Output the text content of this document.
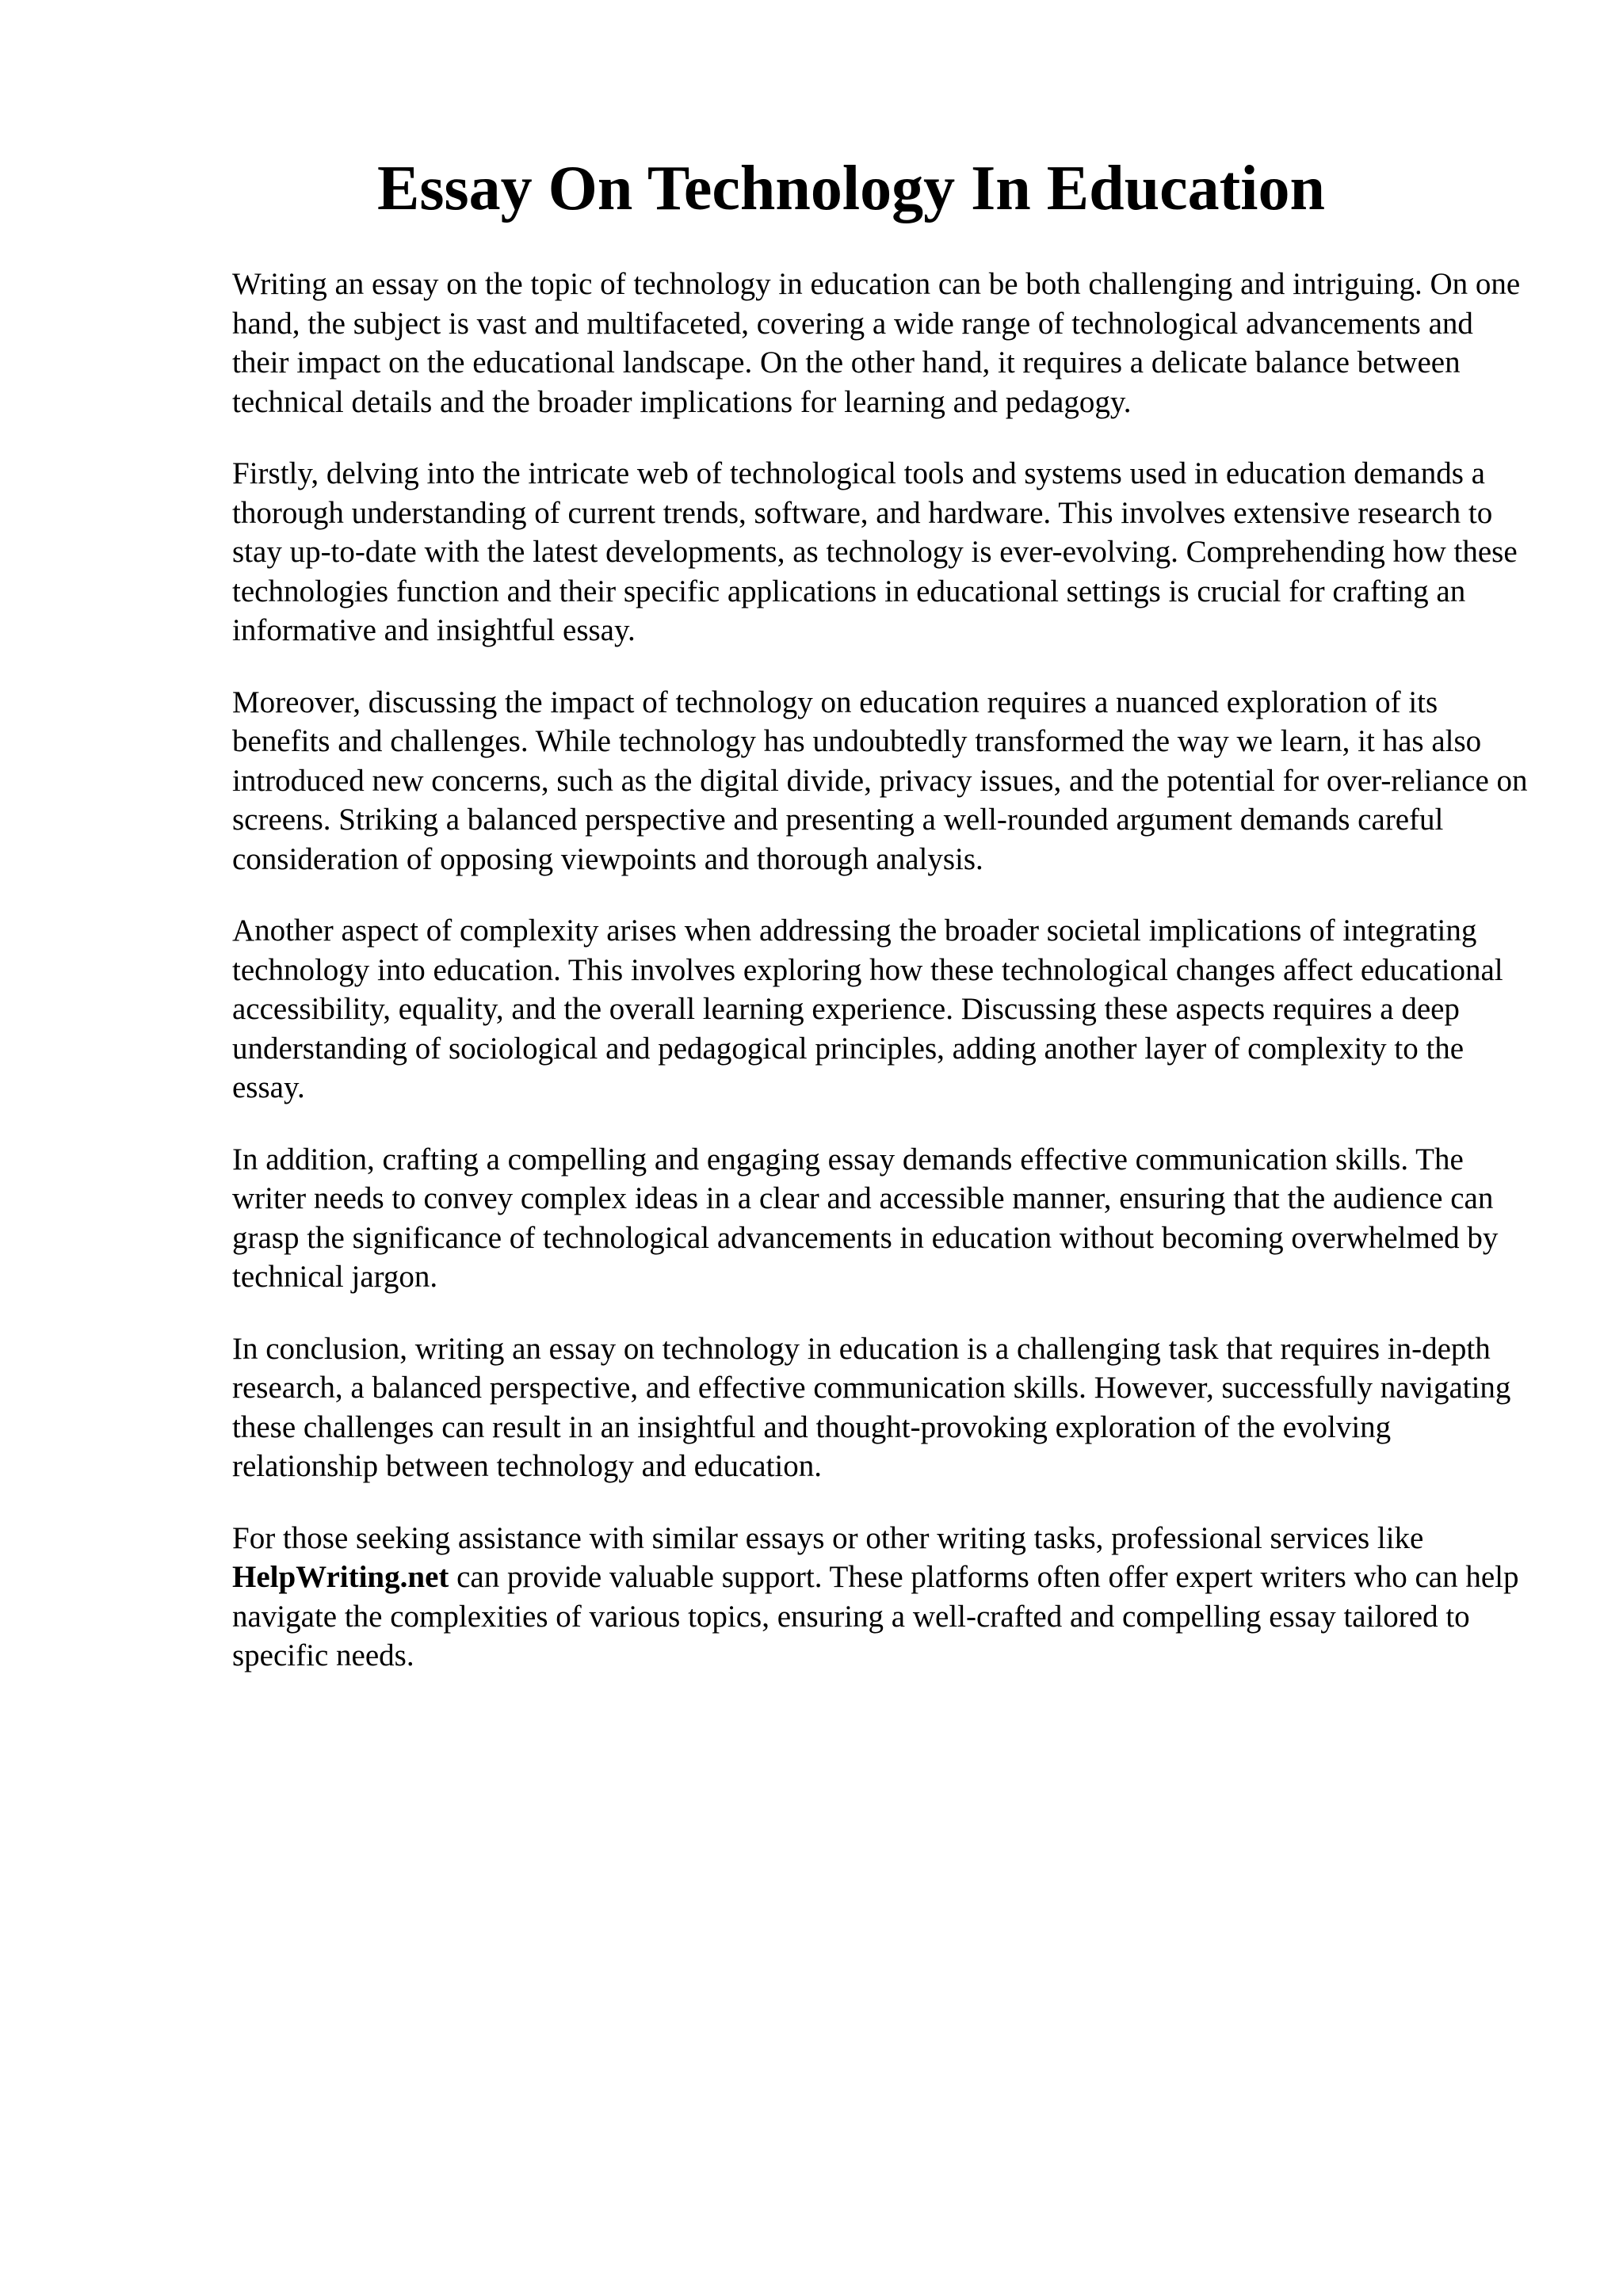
Essay On Technology In Education

Writing an essay on the topic of technology in education can be both challenging and intriguing. On one hand, the subject is vast and multifaceted, covering a wide range of technological advancements and their impact on the educational landscape. On the other hand, it requires a delicate balance between technical details and the broader implications for learning and pedagogy.

Firstly, delving into the intricate web of technological tools and systems used in education demands a thorough understanding of current trends, software, and hardware. This involves extensive research to stay up-to-date with the latest developments, as technology is ever-evolving. Comprehending how these technologies function and their specific applications in educational settings is crucial for crafting an informative and insightful essay.

Moreover, discussing the impact of technology on education requires a nuanced exploration of its benefits and challenges. While technology has undoubtedly transformed the way we learn, it has also introduced new concerns, such as the digital divide, privacy issues, and the potential for over-reliance on screens. Striking a balanced perspective and presenting a well-rounded argument demands careful consideration of opposing viewpoints and thorough analysis.

Another aspect of complexity arises when addressing the broader societal implications of integrating technology into education. This involves exploring how these technological changes affect educational accessibility, equality, and the overall learning experience. Discussing these aspects requires a deep understanding of sociological and pedagogical principles, adding another layer of complexity to the essay.

In addition, crafting a compelling and engaging essay demands effective communication skills. The writer needs to convey complex ideas in a clear and accessible manner, ensuring that the audience can grasp the significance of technological advancements in education without becoming overwhelmed by technical jargon.

In conclusion, writing an essay on technology in education is a challenging task that requires in-depth research, a balanced perspective, and effective communication skills. However, successfully navigating these challenges can result in an insightful and thought-provoking exploration of the evolving relationship between technology and education.

For those seeking assistance with similar essays or other writing tasks, professional services like HelpWriting.net can provide valuable support. These platforms often offer expert writers who can help navigate the complexities of various topics, ensuring a well-crafted and compelling essay tailored to specific needs.
